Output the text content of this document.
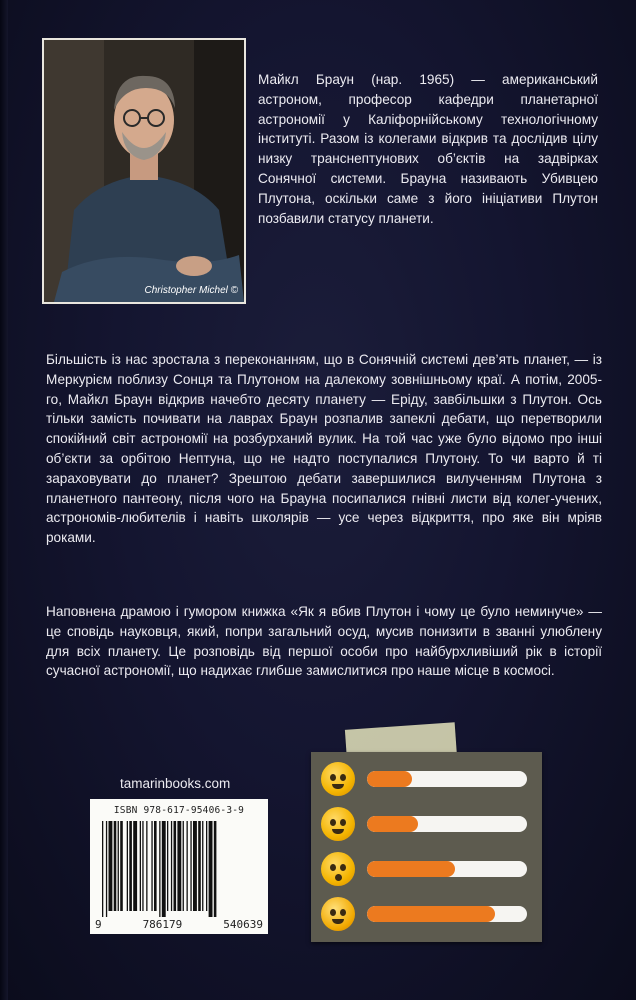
Christopher Michel ©
Майкл Браун (нар. 1965) — американський астроном, професор кафедри планетарної астрономії у Каліфорнійському технологічному інституті. Разом із колегами відкрив та дослідив цілу низку транснептунових об’єктів на задвірках Сонячної системи. Брауна називають Убивцею Плутона, оскільки саме з його ініціативи Плутон позбавили статусу планети.
Більшість із нас зростала з переконанням, що в Сонячній системі дев’ять планет, — із Меркурієм поблизу Сонця та Плутоном на далекому зовнішньому краї. А потім, 2005-го, Майкл Браун відкрив начебто десяту планету — Еріду, завбільшки з Плутон. Ось тільки замість почивати на лаврах Браун розпалив запеклі дебати, що перетворили спокійний світ астрономії на розбурханий вулик. На той час уже було відомо про інші об’єкти за орбітою Нептуна, що не надто поступалися Плутону. То чи варто й ті зараховувати до планет? Зрештою дебати завершилися вилученням Плутона з планетного пантеону, після чого на Брауна посипалися гнівні листи від колег-учених, астрономів-любителів і навіть школярів — усе через відкриття, про яке він мріяв роками.
Наповнена драмою і гумором книжка «Як я вбив Плутон і чому це було неминуче» — це сповідь науковця, який, попри загальний осуд, мусив понизити в званні улюблену для всіх планету. Це розповідь від першої особи про найбурхливіший рік в історії сучасної астрономії, що надихає глибше замислитися про наше місце в космосі.
tamarinbooks.com
ISBN 978-617-95406-3-9
9	786179	540639
